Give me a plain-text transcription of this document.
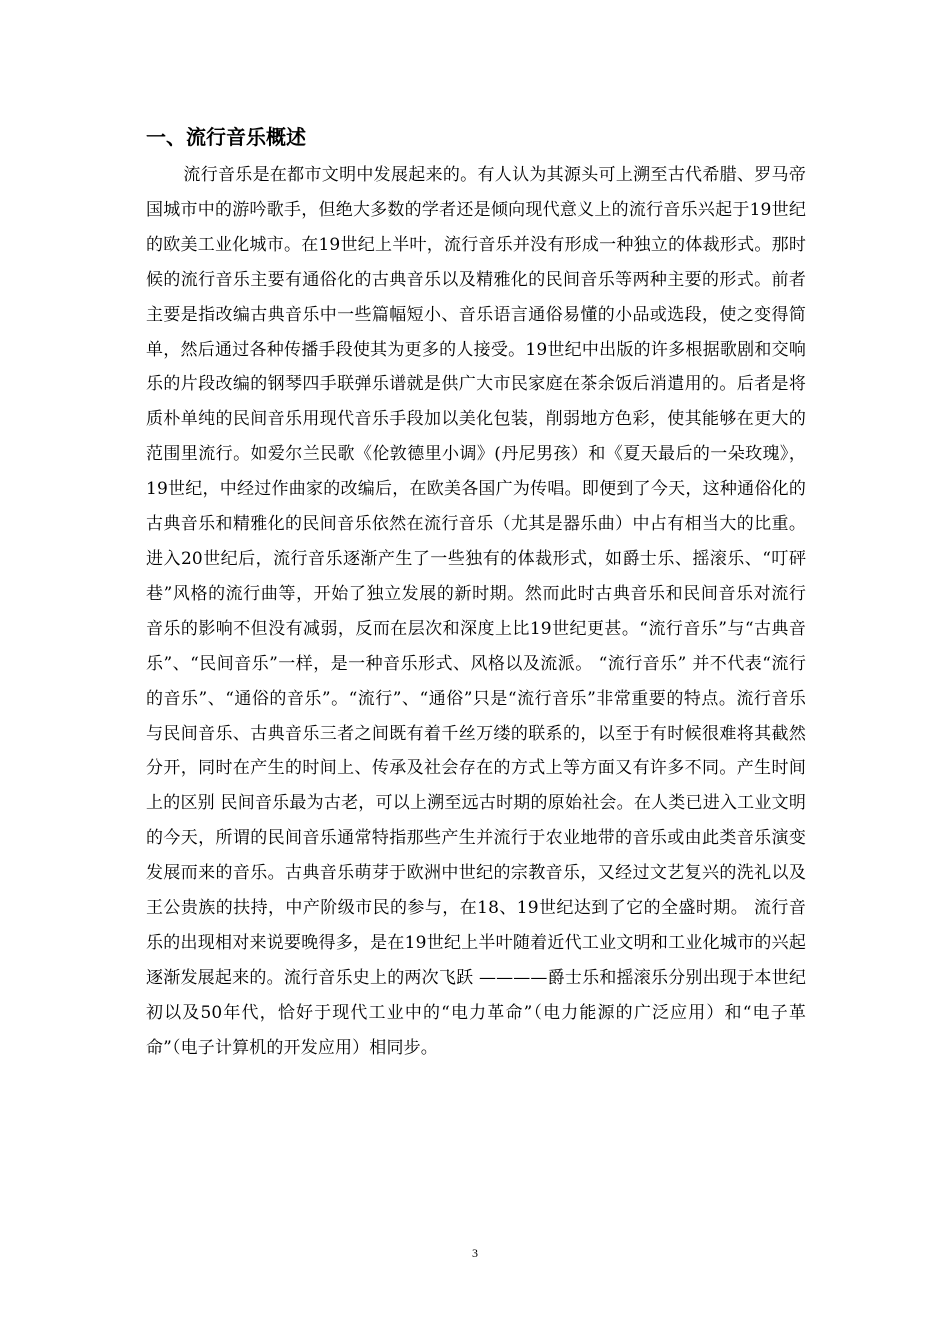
一、流行音乐概述

流行音乐是在都市文明中发展起来的。有人认为其源头可上溯至古代希腊、罗马帝国城市中的游吟歌手，但绝大多数的学者还是倾向现代意义上的流行音乐兴起于19世纪的欧美工业化城市。在19世纪上半叶，流行音乐并没有形成一种独立的体裁形式。那时候的流行音乐主要有通俗化的古典音乐以及精雅化的民间音乐等两种主要的形式。前者主要是指改编古典音乐中一些篇幅短小、音乐语言通俗易懂的小品或选段，使之变得简单，然后通过各种传播手段使其为更多的人接受。19世纪中出版的许多根据歌剧和交响乐的片段改编的钢琴四手联弹乐谱就是供广大市民家庭在茶余饭后消遣用的。后者是将质朴单纯的民间音乐用现代音乐手段加以美化包装，削弱地方色彩，使其能够在更大的范围里流行。如爱尔兰民歌《伦敦德里小调》(丹尼男孩）和《夏天最后的一朵玫瑰》，19世纪，中经过作曲家的改编后，在欧美各国广为传唱。即便到了今天，这种通俗化的古典音乐和精雅化的民间音乐依然在流行音乐（尤其是器乐曲）中占有相当大的比重。进入20世纪后，流行音乐逐渐产生了一些独有的体裁形式，如爵士乐、摇滚乐、“叮砰巷”风格的流行曲等，开始了独立发展的新时期。然而此时古典音乐和民间音乐对流行音乐的影响不但没有减弱，反而在层次和深度上比19世纪更甚。“流行音乐”与“古典音乐”、“民间音乐”一样，是一种音乐形式、风格以及流派。 “流行音乐” 并不代表“流行的音乐”、“通俗的音乐”。“流行”、“通俗”只是“流行音乐”非常重要的特点。流行音乐与民间音乐、古典音乐三者之间既有着千丝万缕的联系的，以至于有时候很难将其截然分开，同时在产生的时间上、传承及社会存在的方式上等方面又有许多不同。产生时间上的区别 民间音乐最为古老，可以上溯至远古时期的原始社会。在人类已进入工业文明的今天，所谓的民间音乐通常特指那些产生并流行于农业地带的音乐或由此类音乐演变发展而来的音乐。古典音乐萌芽于欧洲中世纪的宗教音乐，又经过文艺复兴的洗礼以及王公贵族的扶持，中产阶级市民的参与，在18、19世纪达到了它的全盛时期。 流行音乐的出现相对来说要晚得多，是在19世纪上半叶随着近代工业文明和工业化城市的兴起逐渐发展起来的。流行音乐史上的两次飞跃 ————爵士乐和摇滚乐分别出现于本世纪初以及50年代，恰好于现代工业中的“电力革命”（电力能源的广泛应用）和“电子革命”（电子计算机的开发应用）相同步。

3
